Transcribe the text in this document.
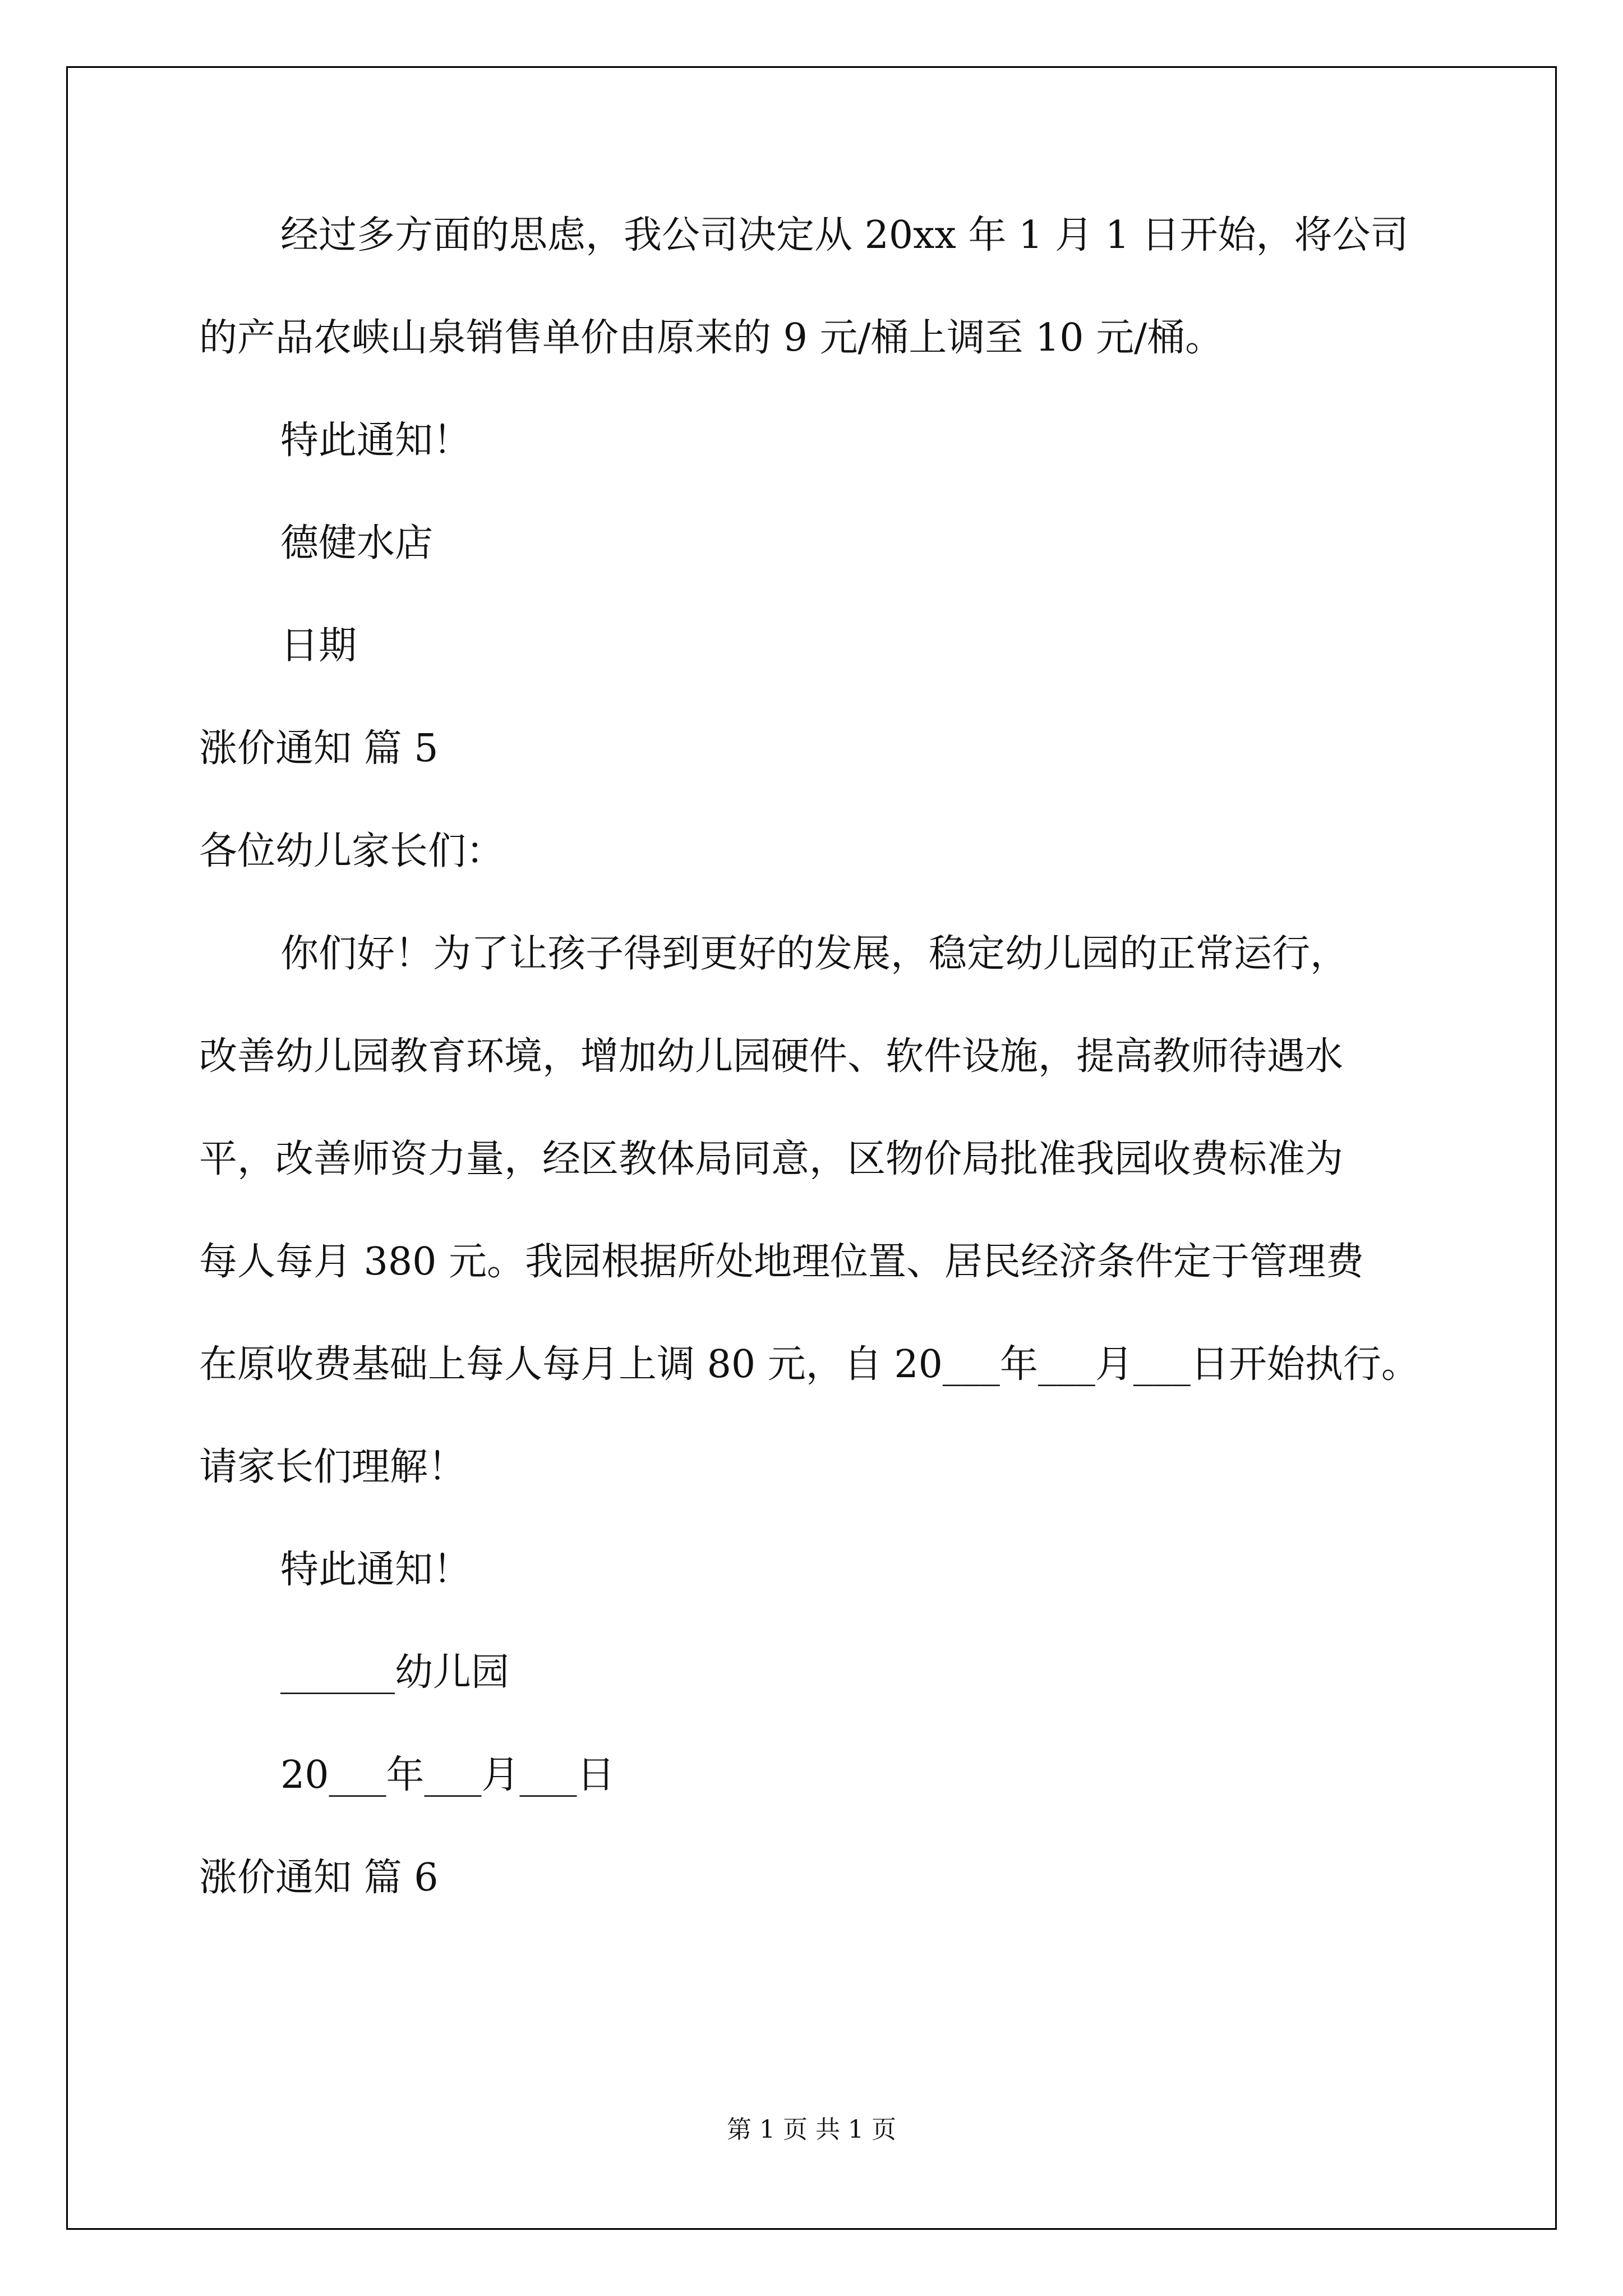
经过多方面的思虑，我公司决定从 20xx 年 1 月 1 日开始，将公司
的产品农峡山泉销售单价由原来的 9 元/桶上调至 10 元/桶。
特此通知！
德健水店
日期
涨价通知 篇 5
各位幼儿家长们：
你们好！为了让孩子得到更好的发展，稳定幼儿园的正常运行，
改善幼儿园教育环境，增加幼儿园硬件、软件设施，提高教师待遇水
平，改善师资力量，经区教体局同意，区物价局批准我园收费标准为
每人每月 380 元。我园根据所处地理位置、居民经济条件定于管理费
在原收费基础上每人每月上调 80 元，自 20___年___月___日开始执行。
请家长们理解！
特此通知！
______幼儿园
20___年___月___日
涨价通知 篇 6
第 1 页 共 1 页
